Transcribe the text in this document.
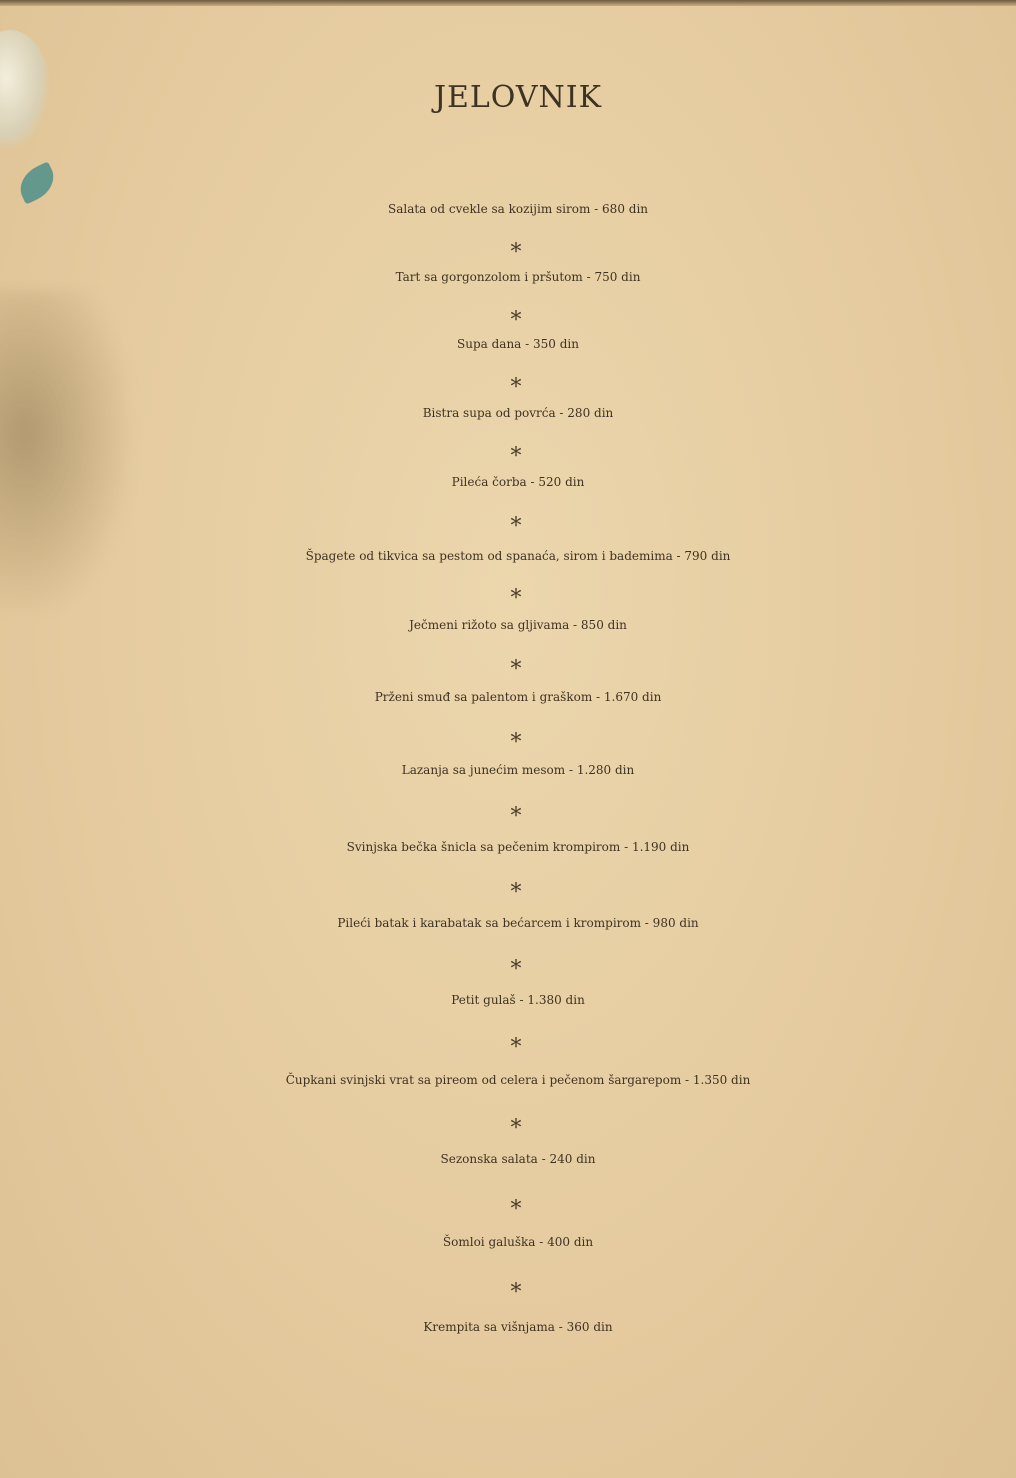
JELOVNIK
Salata od cvekle sa kozijim sirom - 680 din
*
Tart sa gorgonzolom i pršutom - 750 din
*
Supa dana - 350 din
*
Bistra supa od povrća - 280 din
*
Pileća čorba - 520 din
*
Špagete od tikvica sa pestom od spanaća, sirom i bademima - 790 din
*
Ječmeni rižoto sa gljivama - 850 din
*
Prženi smuđ sa palentom i graškom - 1.670 din
*
Lazanja sa junećim mesom - 1.280 din
*
Svinjska bečka šnicla sa pečenim krompirom - 1.190 din
*
Pileći batak i karabatak sa bećarcem i krompirom - 980 din
*
Petit gulaš - 1.380 din
*
Čupkani svinjski vrat sa pireom od celera i pečenom šargarepom - 1.350 din
*
Sezonska salata - 240 din
*
Šomloi galuška - 400 din
*
Krempita sa višnjama - 360 din
